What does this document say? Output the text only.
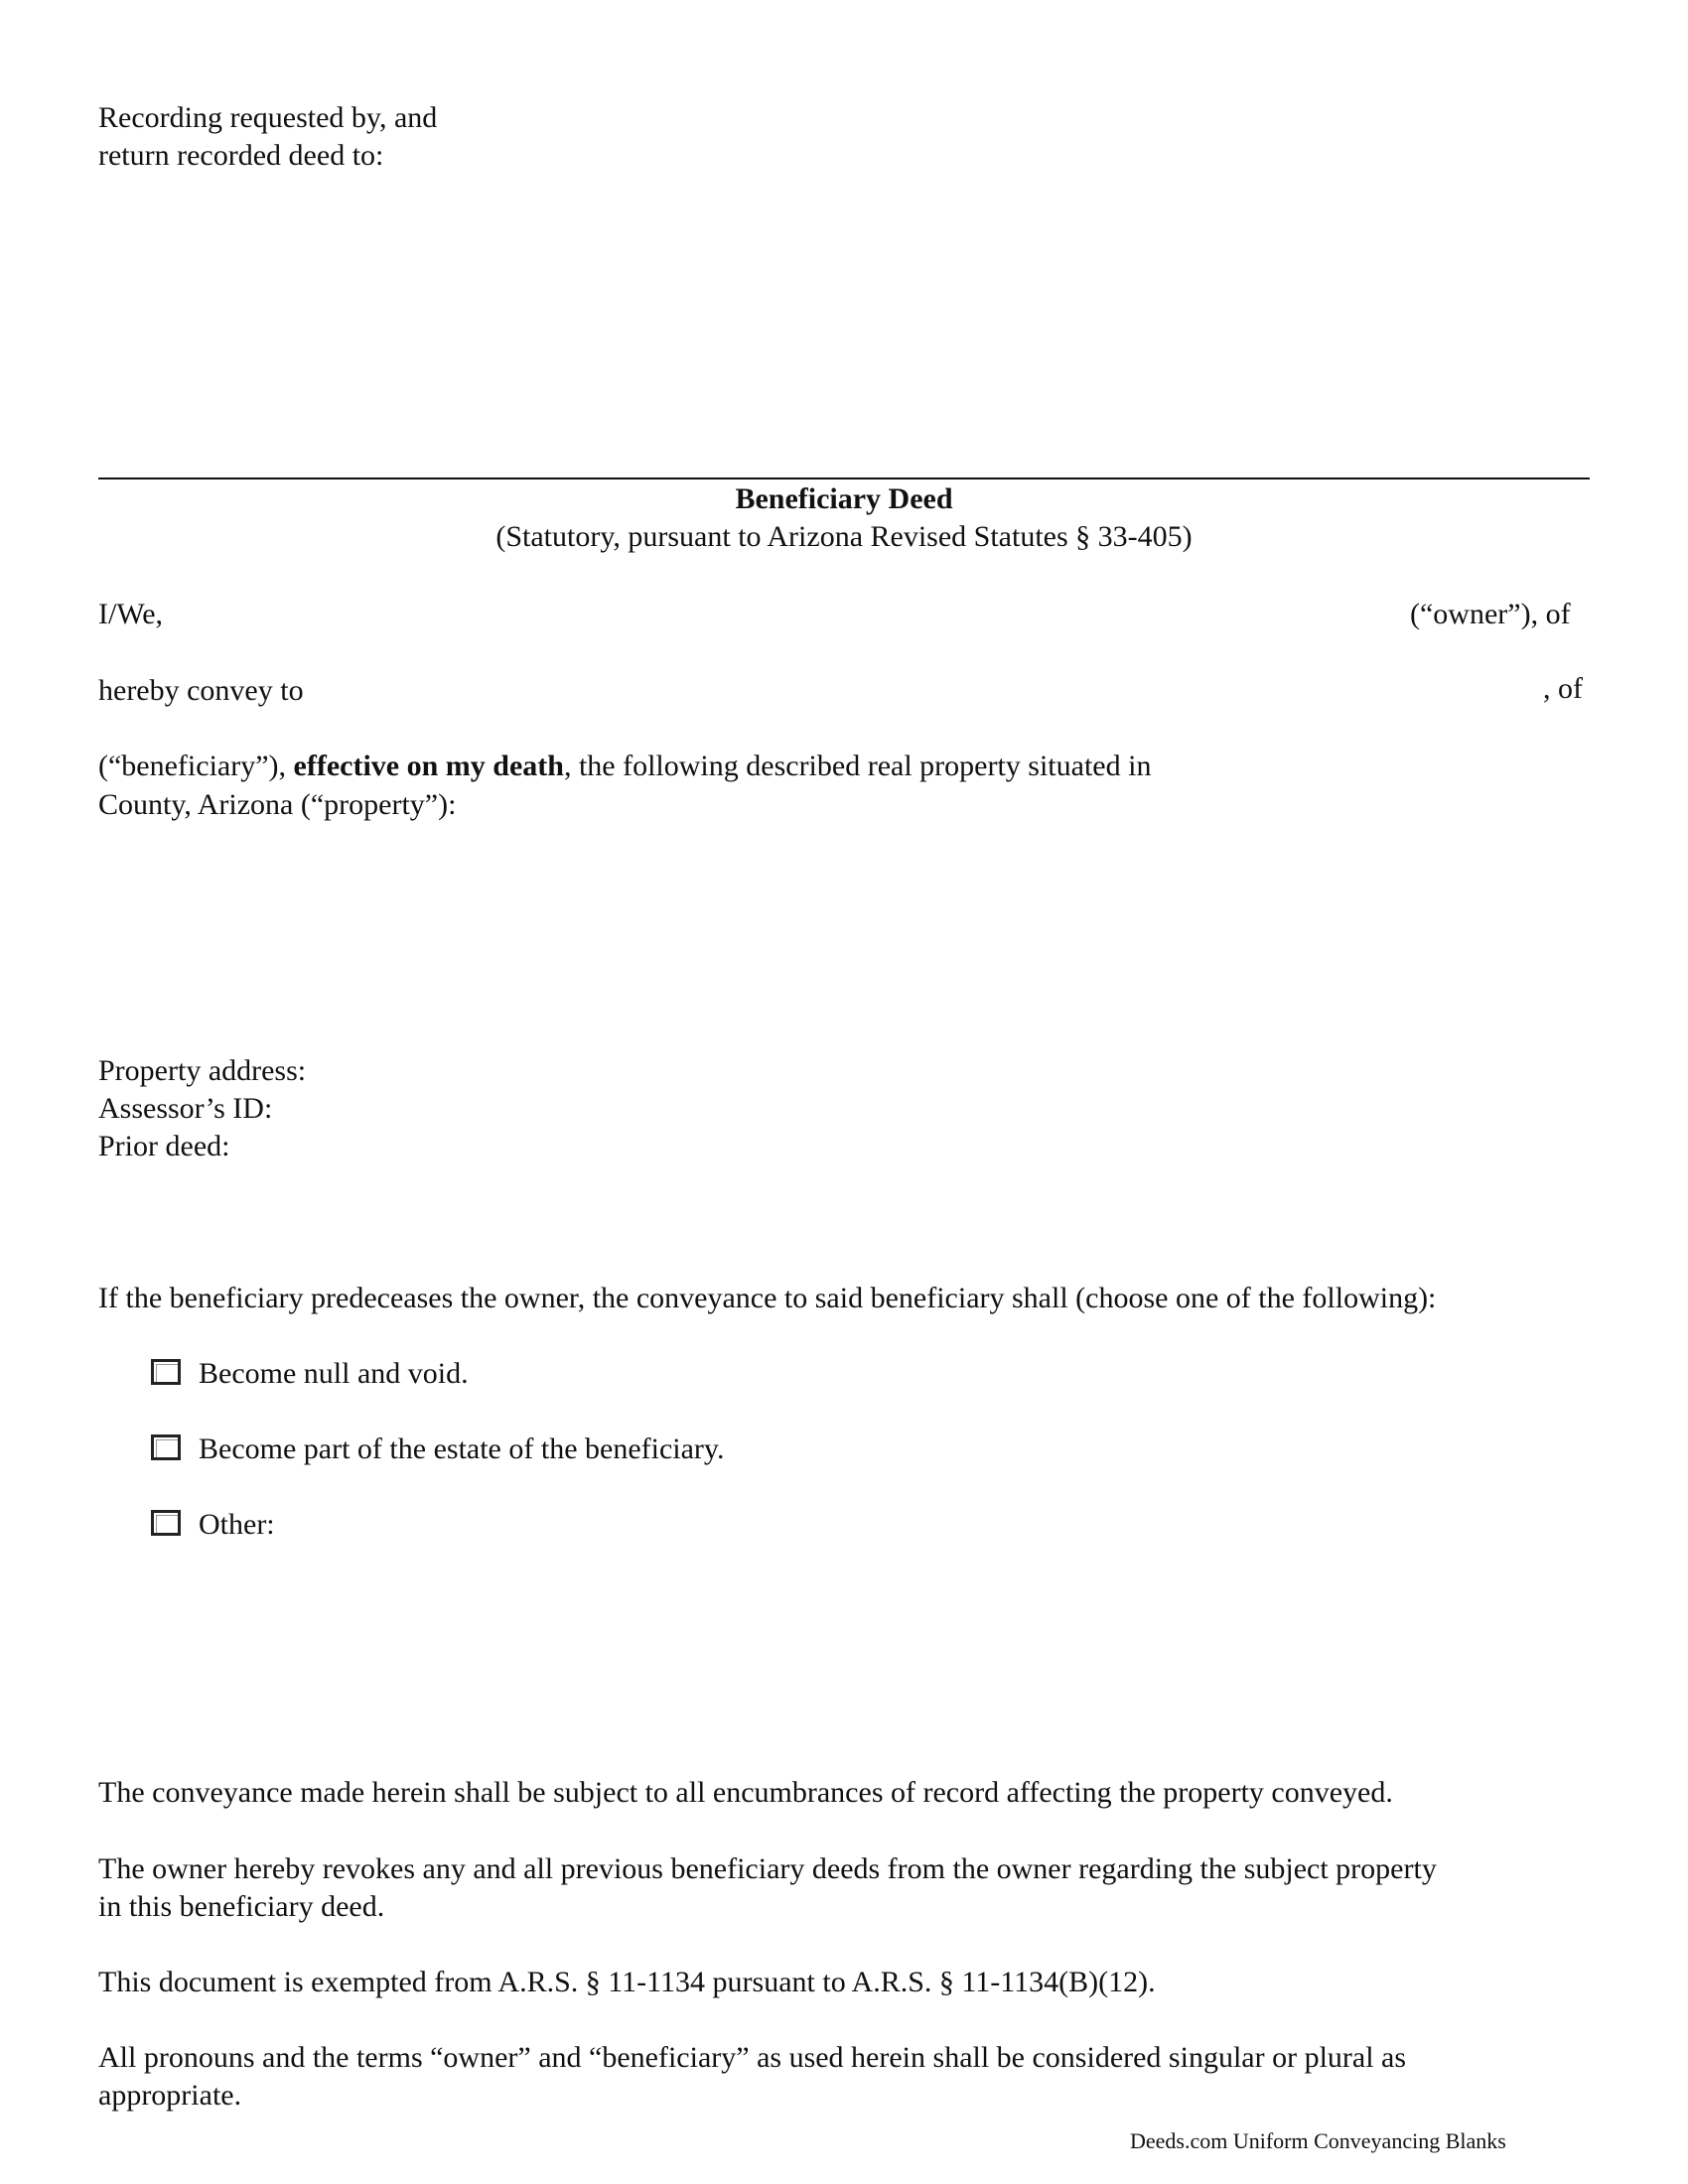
Recording requested by, and
return recorded deed to:
Beneficiary Deed
(Statutory, pursuant to Arizona Revised Statutes § 33-405)
I/We,	(“owner”), of
hereby convey to	, of
(“beneficiary”), effective on my death, the following described real property situated in
County, Arizona (“property”):
Property address:
Assessor’s ID:
Prior deed:
If the beneficiary predeceases the owner, the conveyance to said beneficiary shall (choose one of the following):
Become null and void.
Become part of the estate of the beneficiary.
Other:
The conveyance made herein shall be subject to all encumbrances of record affecting the property conveyed.
The owner hereby revokes any and all previous beneficiary deeds from the owner regarding the subject property
in this beneficiary deed.
This document is exempted from A.R.S. § 11-1134 pursuant to A.R.S. § 11-1134(B)(12).
All pronouns and the terms “owner” and “beneficiary” as used herein shall be considered singular or plural as
appropriate.
Deeds.com Uniform Conveyancing Blanks
